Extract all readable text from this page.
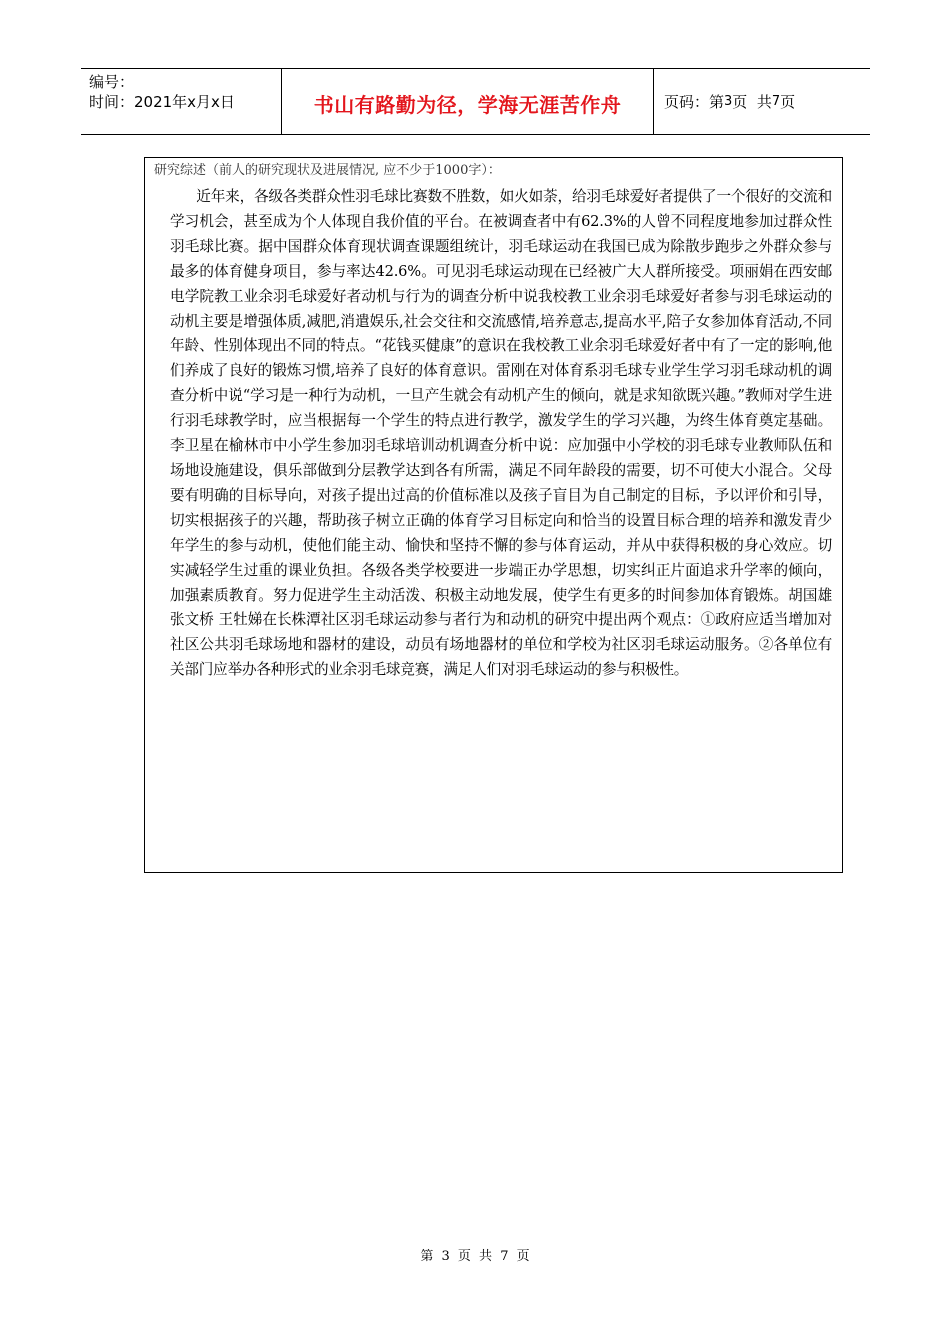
编号：
时间：2021年x月x日	书山有路勤为径，学海无涯苦作舟	页码：第 3 页  共 7 页
研究综述（前人的研究现状及进展情况, 应不少于1000字）：

近年来，各级各类群众性羽毛球比赛数不胜数，如火如荼，给羽毛球爱好者提供了一个很好的交流和学习机会，甚至成为个人体现自我价值的平台。在被调查者中有62.3%的人曾不同程度地参加过群众性羽毛球比赛。据中国群众体育现状调查课题组统计，羽毛球运动在我国已成为除散步跑步之外群众参与最多的体育健身项目，参与率达42.6%。可见羽毛球运动现在已经被广大人群所接受。项丽娟在西安邮电学院教工业余羽毛球爱好者动机与行为的调查分析中说我校教工业余羽毛球爱好者参与羽毛球运动的动机主要是增强体质,减肥,消遣娱乐,社会交往和交流感情,培养意志,提高水平,陪子女参加体育活动,不同年龄、性别体现出不同的特点。“花钱买健康”的意识在我校教工业余羽毛球爱好者中有了一定的影响,他们养成了良好的锻炼习惯,培养了良好的体育意识。雷刚在对体育系羽毛球专业学生学习羽毛球动机的调查分析中说“学习是一种行为动机，一旦产生就会有动机产生的倾向，就是求知欲既兴趣。”教师对学生进行羽毛球教学时，应当根据每一个学生的特点进行教学，激发学生的学习兴趣，为终生体育奠定基础。李卫星在榆林市中小学生参加羽毛球培训动机调查分析中说：应加强中小学校的羽毛球专业教师队伍和场地设施建设，俱乐部做到分层教学达到各有所需，满足不同年龄段的需要，切不可使大小混合。父母要有明确的目标导向，对孩子提出过高的价值标准以及孩子盲目为自己制定的目标，予以评价和引导，切实根据孩子的兴趣，帮助孩子树立正确的体育学习目标定向和恰当的设置目标合理的培养和激发青少年学生的参与动机，使他们能主动、愉快和坚持不懈的参与体育运动，并从中获得积极的身心效应。切实减轻学生过重的课业负担。各级各类学校要进一步端正办学思想，切实纠正片面追求升学率的倾向，加强素质教育。努力促进学生主动活泼、积极主动地发展，使学生有更多的时间参加体育锻炼。胡国雄 张文桥 王牡娣在长株潭社区羽毛球运动参与者行为和动机的研究中提出两个观点：①政府应适当增加对社区公共羽毛球场地和器材的建设，动员有场地器材的单位和学校为社区羽毛球运动服务。②各单位有关部门应举办各种形式的业余羽毛球竞赛，满足人们对羽毛球运动的参与积极性。

第 3 页 共 7 页
